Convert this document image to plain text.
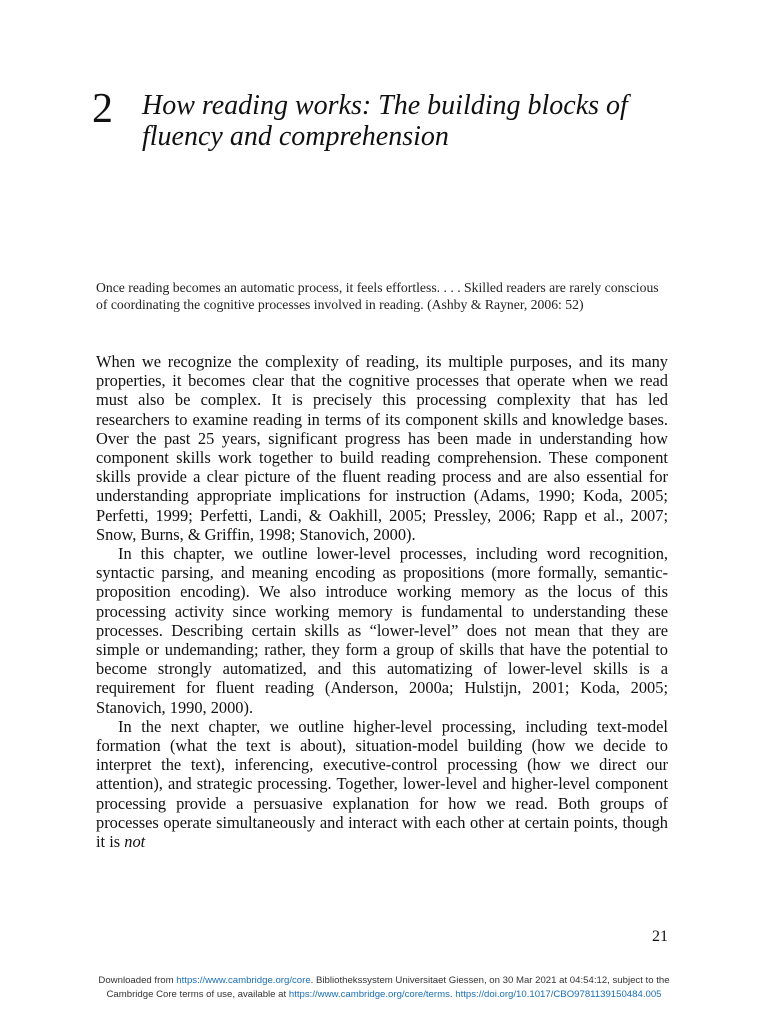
2 How reading works: The building blocks of fluency and comprehension
Once reading becomes an automatic process, it feels effortless. . . . Skilled readers are rarely conscious of coordinating the cognitive processes involved in reading. (Ashby & Rayner, 2006: 52)

When we recognize the complexity of reading, its multiple purposes, and its many properties, it becomes clear that the cognitive processes that operate when we read must also be complex. It is precisely this processing complexity that has led researchers to examine reading in terms of its component skills and knowledge bases. Over the past 25 years, significant progress has been made in understanding how component skills work together to build reading comprehension. These component skills provide a clear picture of the fluent reading process and are also essential for understanding appropriate implications for instruction (Adams, 1990; Koda, 2005; Perfetti, 1999; Perfetti, Landi, & Oakhill, 2005; Pressley, 2006; Rapp et al., 2007; Snow, Burns, & Griffin, 1998; Stanovich, 2000).

In this chapter, we outline lower-level processes, including word recognition, syntactic parsing, and meaning encoding as propositions (more formally, semantic-proposition encoding). We also introduce working memory as the locus of this processing activity since working memory is fundamental to understanding these processes. Describing certain skills as “lower-level” does not mean that they are simple or undemanding; rather, they form a group of skills that have the potential to become strongly automatized, and this automatizing of lower-level skills is a requirement for fluent reading (Anderson, 2000a; Hulstijn, 2001; Koda, 2005; Stanovich, 1990, 2000).

In the next chapter, we outline higher-level processing, including text-model formation (what the text is about), situation-model building (how we decide to interpret the text), inferencing, executive-control processing (how we direct our attention), and strategic processing. Together, lower-level and higher-level component processing provide a persuasive explanation for how we read. Both groups of processes operate simultaneously and interact with each other at certain points, though it is not

21
Downloaded from https://www.cambridge.org/core. Bibliothekssystem Universitaet Giessen, on 30 Mar 2021 at 04:54:12, subject to the
Cambridge Core terms of use, available at https://www.cambridge.org/core/terms. https://doi.org/10.1017/CBO9781139150484.005
